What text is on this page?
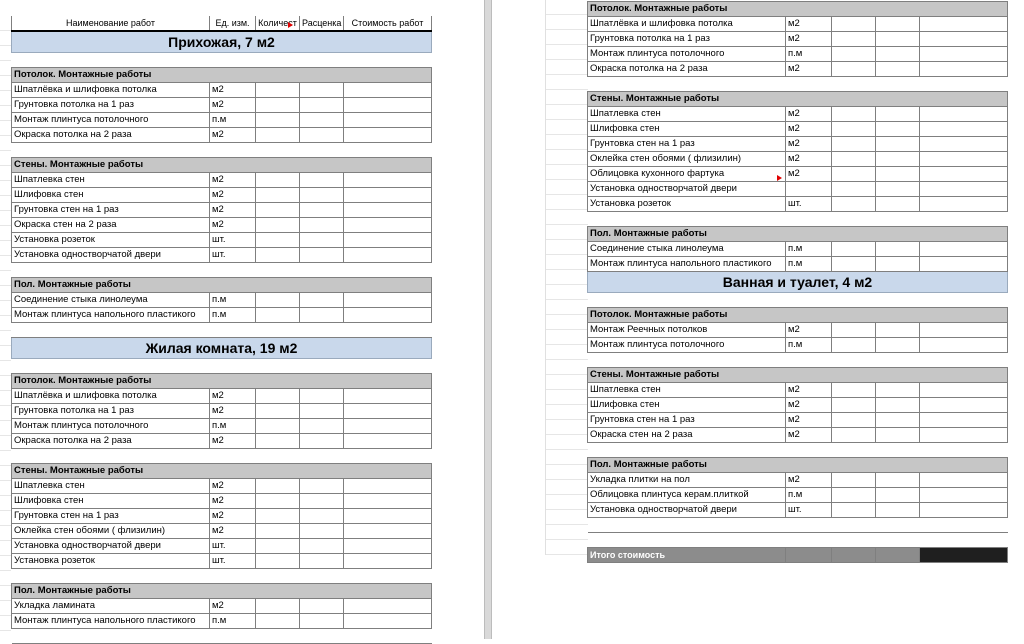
Наименование работ	Ед. изм.	Количест	Расценка	Стоимость работ
Прихожая, 7 м2				

Потолок. Монтажные работы				
Шпатлёвка и шлифовка потолка	м2			
Грунтовка потолка на 1 раз	м2			
Монтаж плинтуса потолочного	п.м			
Окраска потолка на 2 раза	м2			

Стены. Монтажные работы				
Шпатлевка стен	м2			
Шлифовка стен	м2			
Грунтовка стен на 1 раз	м2			
Окраска стен на 2 раза	м2			
Установка розеток	шт.			
Установка одностворчатой двери	шт.			

Пол. Монтажные работы				
Соединение стыка линолеума	п.м			
Монтаж плинтуса напольного пластикого	п.м			

Жилая комната, 19 м2				

Потолок. Монтажные работы				
Шпатлёвка и шлифовка потолка	м2			
Грунтовка потолка на 1 раз	м2			
Монтаж плинтуса потолочного	п.м			
Окраска потолка на 2 раза	м2			

Стены. Монтажные работы				
Шпатлевка стен	м2			
Шлифовка стен	м2			
Грунтовка стен на 1 раз	м2			
Оклейка стен обоями ( флизилин)	м2			
Установка одностворчатой двери	шт.			
Установка розеток	шт.			

Пол. Монтажные работы				
Укладка ламината	м2			
Монтаж плинтуса напольного пластикого	п.м			

Потолок. Монтажные работы				
Шпатлёвка и шлифовка потолка	м2			
Грунтовка потолка на 1 раз	м2			
Монтаж плинтуса потолочного	п.м			
Окраска потолка на 2 раза	м2			

Стены. Монтажные работы				
Шпатлевка стен	м2			
Шлифовка стен	м2			
Грунтовка стен на 1 раз	м2			
Оклейка стен обоями ( флизилин)	м2			
Облицовка кухонного фартука	м2			
Установка одностворчатой двери				
Установка розеток	шт.			

Пол. Монтажные работы				
Соединение стыка линолеума	п.м			
Монтаж плинтуса напольного пластикого	п.м			
Ванная и туалет, 4 м2				

Потолок. Монтажные работы				
Монтаж Реечных потолков	м2			
Монтаж плинтуса потолочного	п.м			

Стены. Монтажные работы				
Шпатлевка стен	м2			
Шлифовка стен	м2			
Грунтовка стен на 1 раз	м2			
Окраска стен на 2 раза	м2			

Пол. Монтажные работы				
Укладка плитки на пол	м2			
Облицовка плинтуса керам.плиткой	п.м			
Установка одностворчатой двери	шт.			

Итого стоимость				
